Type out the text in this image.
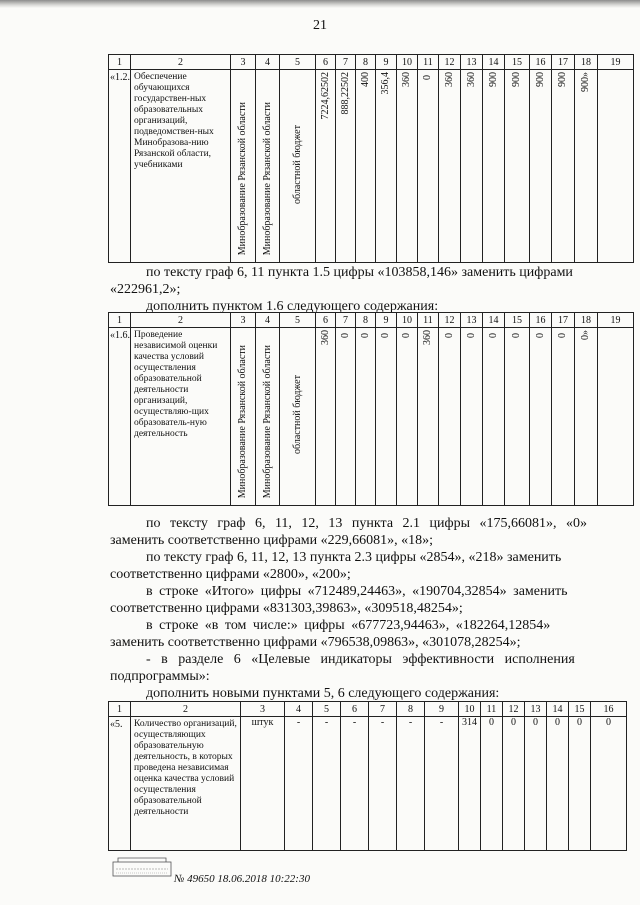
21
1	2	3	4	5	6	7	8	9	10	11	12	13	14	15	16	17	18	19
«1.2.	Обеспечение обучающихся государствен-ных образовательных организаций, подведомствен-ных Минобразова-нию Рязанской области, учебниками	Минобразование Рязанской области	Минобразование Рязанской области	областной бюджет	7224,62502	888,22502	400	356,4	360	0	360	360	900	900	900	900	900»	
по тексту граф 6, 11 пункта 1.5 цифры «103858,146» заменить цифрами
«222961,2»;
дополнить пунктом 1.6 следующего содержания:
1	2	3	4	5	6	7	8	9	10	11	12	13	14	15	16	17	18	19
«1.6.	Проведение независимой оценки качества условий осуществления образовательной деятельности организаций, осуществляю-щих образователь-ную деятельность	Минобразование Рязанской области	Минобразование Рязанской области	областной бюджет	360	0	0	0	0	360	0	0	0	0	0	0	0»	
по тексту граф 6, 11, 12, 13 пункта 2.1 цифры «175,66081», «0»
заменить соответственно цифрами «229,66081», «18»;
по тексту граф 6, 11, 12, 13 пункта 2.3 цифры «2854», «218» заменить
соответственно цифрами «2800», «200»;
в строке «Итого» цифры «712489,24463», «190704,32854» заменить
соответственно цифрами «831303,39863», «309518,48254»;
в строке «в том числе:» цифры «677723,94463», «182264,12854»
заменить соответственно цифрами «796538,09863», «301078,28254»;
- в разделе 6 «Целевые индикаторы эффективности исполнения
подпрограммы»:
дополнить новыми пунктами 5, 6 следующего содержания:
1	2	3	4	5	6	7	8	9	10	11	12	13	14	15	16
«5.	Количество организаций, осуществляющих образовательную деятельность, в которых проведена независимая оценка качества условий осуществления образовательной деятельности	штук	-	-	-	-	-	-	314	0	0	0	0	0	0
№ 49650 18.06.2018 10:22:30
